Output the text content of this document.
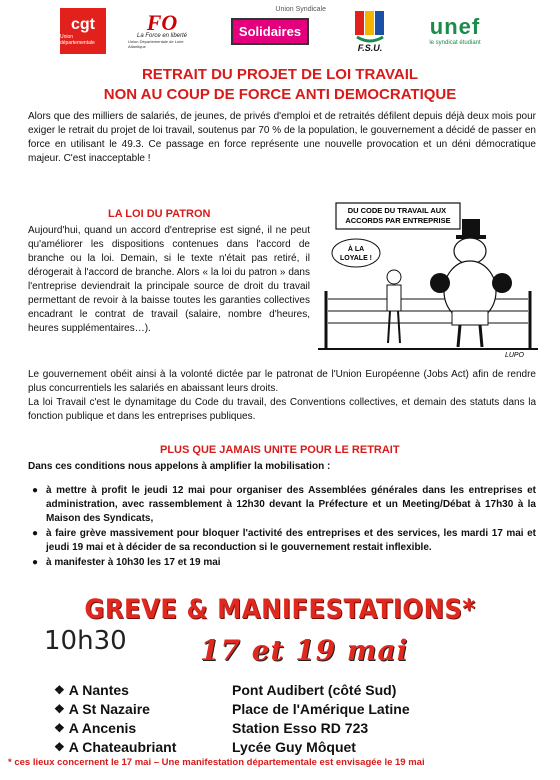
cgt
Union départementale
FO
La Force en liberté
Union Départementale de Loire Atlantique
Union Syndicale
Solidaires
F.S.U.
unef
le syndicat étudiant
RETRAIT DU PROJET DE LOI TRAVAIL
NON AU COUP DE FORCE ANTI DEMOCRATIQUE
Alors que des milliers de salariés, de jeunes, de privés d'emploi et de retraités défilent depuis déjà deux mois pour exiger le retrait du projet de loi travail, soutenus par 70 % de la population, le gouvernement a décidé de passer en force en utilisant le 49.3. Ce passage en force représente une nouvelle provocation et un déni démocratique majeur. C'est inacceptable !
LA LOI DU PATRON
Aujourd'hui, quand un accord d'entreprise est signé, il ne peut qu'améliorer les dispositions contenues dans l'accord de branche ou la loi. Demain, si le texte n'était pas retiré, il dérogerait à l'accord de branche. Alors « la loi du patron » dans l'entreprise deviendrait la principale source de droit du travail permettant de revoir à la baisse toutes les garanties collectives encadrant le contrat de travail (salaire, nombre d'heures, heures supplémentaires…).
DU CODE DU TRAVAIL AUX ACCORDS PAR ENTREPRISE
À LA
LOYALE !
LUPO
Le gouvernement obéit ainsi à la volonté dictée par le patronat de l'Union Européenne (Jobs Act) afin de rendre plus concurrentiels les salariés en abaissant leurs droits.
La loi Travail c'est le dynamitage du Code du travail, des Conventions collectives, et demain des statuts dans la fonction publique et dans les entreprises publiques.
PLUS QUE JAMAIS UNITE POUR LE RETRAIT
Dans ces conditions nous appelons à amplifier la mobilisation :
● à mettre à profit le jeudi 12 mai pour organiser des Assemblées générales dans les entreprises et administration, avec rassemblement à 12h30 devant la Préfecture et un Meeting/Débat à 17h30 à la Maison des Syndicats,
● à faire grève massivement pour bloquer l'activité des entreprises et des services, les mardi 17 mai et jeudi 19 mai et à décider de sa reconduction si le gouvernement restait inflexible.
● à manifester à 10h30 les 17 et 19 mai
GREVE & MANIFESTATIONS*
10h30	17 et 19 mai
❖ A Nantes	Pont Audibert (côté Sud)
❖ A St Nazaire	Place de l'Amérique Latine
❖ A Ancenis	Station Esso RD 723
❖ A Chateaubriant	Lycée Guy Môquet
* ces lieux concernent le 17 mai – Une manifestation départementale est envisagée le 19 mai
